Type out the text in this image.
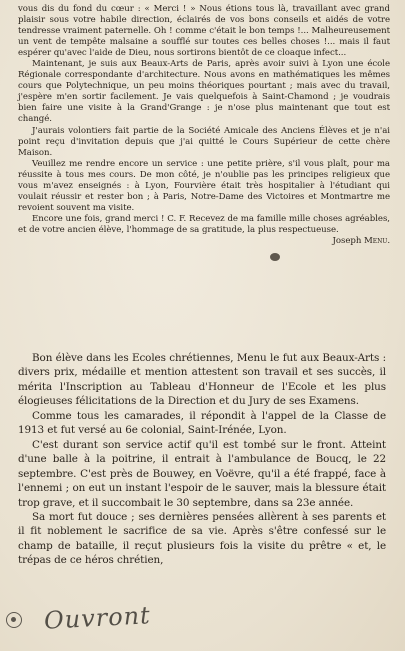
vous dis du fond du cœur : « Merci ! » Nous étions tous là, travaillant avec grand plaisir sous votre habile direction, éclairés de vos bons conseils et aidés de votre tendresse vraiment paternelle. Oh ! comme c'était le bon temps !... Malheureusement un vent de tempête malsaine a soufflé sur toutes ces belles choses !... mais il faut espérer qu'avec l'aide de Dieu, nous sortirons bientôt de ce cloaque infect...

Maintenant, je suis aux Beaux-Arts de Paris, après avoir suivi à Lyon une école Régionale correspondante d'architecture. Nous avons en mathématiques les mêmes cours que Polytechnique, un peu moins théoriques pourtant ; mais avec du travail, j'espère m'en sortir facilement. Je vais quelquefois à Saint-Chamond ; je voudrais bien faire une visite à la Grand'Grange : je n'ose plus maintenant que tout est changé.

J'aurais volontiers fait partie de la Société Amicale des Anciens Élèves et je n'ai point reçu d'invitation depuis que j'ai quitté le Cours Supérieur de cette chère Maison.

Veuillez me rendre encore un service : une petite prière, s'il vous plaît, pour ma réussite à tous mes cours. De mon côté, je n'oublie pas les principes religieux que vous m'avez enseignés : à Lyon, Fourvière était très hospitalier à l'étudiant qui voulait réussir et rester bon ; à Paris, Notre-Dame des Victoires et Montmartre me revoient souvent ma visite.

Encore une fois, grand merci ! C. F. Recevez de ma famille mille choses agréables, et de votre ancien élève, l'hommage de sa gratitude, la plus respectueuse.

Joseph Menu.

Bon élève dans les Ecoles chrétiennes, Menu le fut aux Beaux-Arts : divers prix, médaille et mention attestent son travail et ses succès, il mérita l'Inscription au Tableau d'Honneur de l'Ecole et les plus élogieuses félicitations de la Direction et du Jury de ses Examens.

Comme tous les camarades, il répondit à l'appel de la Classe de 1913 et fut versé au 6e colonial, Saint-Irénée, Lyon.

C'est durant son service actif qu'il est tombé sur le front. Atteint d'une balle à la poitrine, il entrait à l'ambulance de Boucq, le 22 septembre. C'est près de Bouwey, en Voëvre, qu'il a été frappé, face à l'ennemi ; on eut un instant l'espoir de le sauver, mais la blessure était trop grave, et il succombait le 30 septembre, dans sa 23e année.

Sa mort fut douce ; ses dernières pensées allèrent à ses parents et il fit noblement le sacrifice de sa vie. Après s'être confessé sur le champ de bataille, il reçut plusieurs fois la visite du prêtre « et, le trépas de ce héros chrétien,

Ouvront
